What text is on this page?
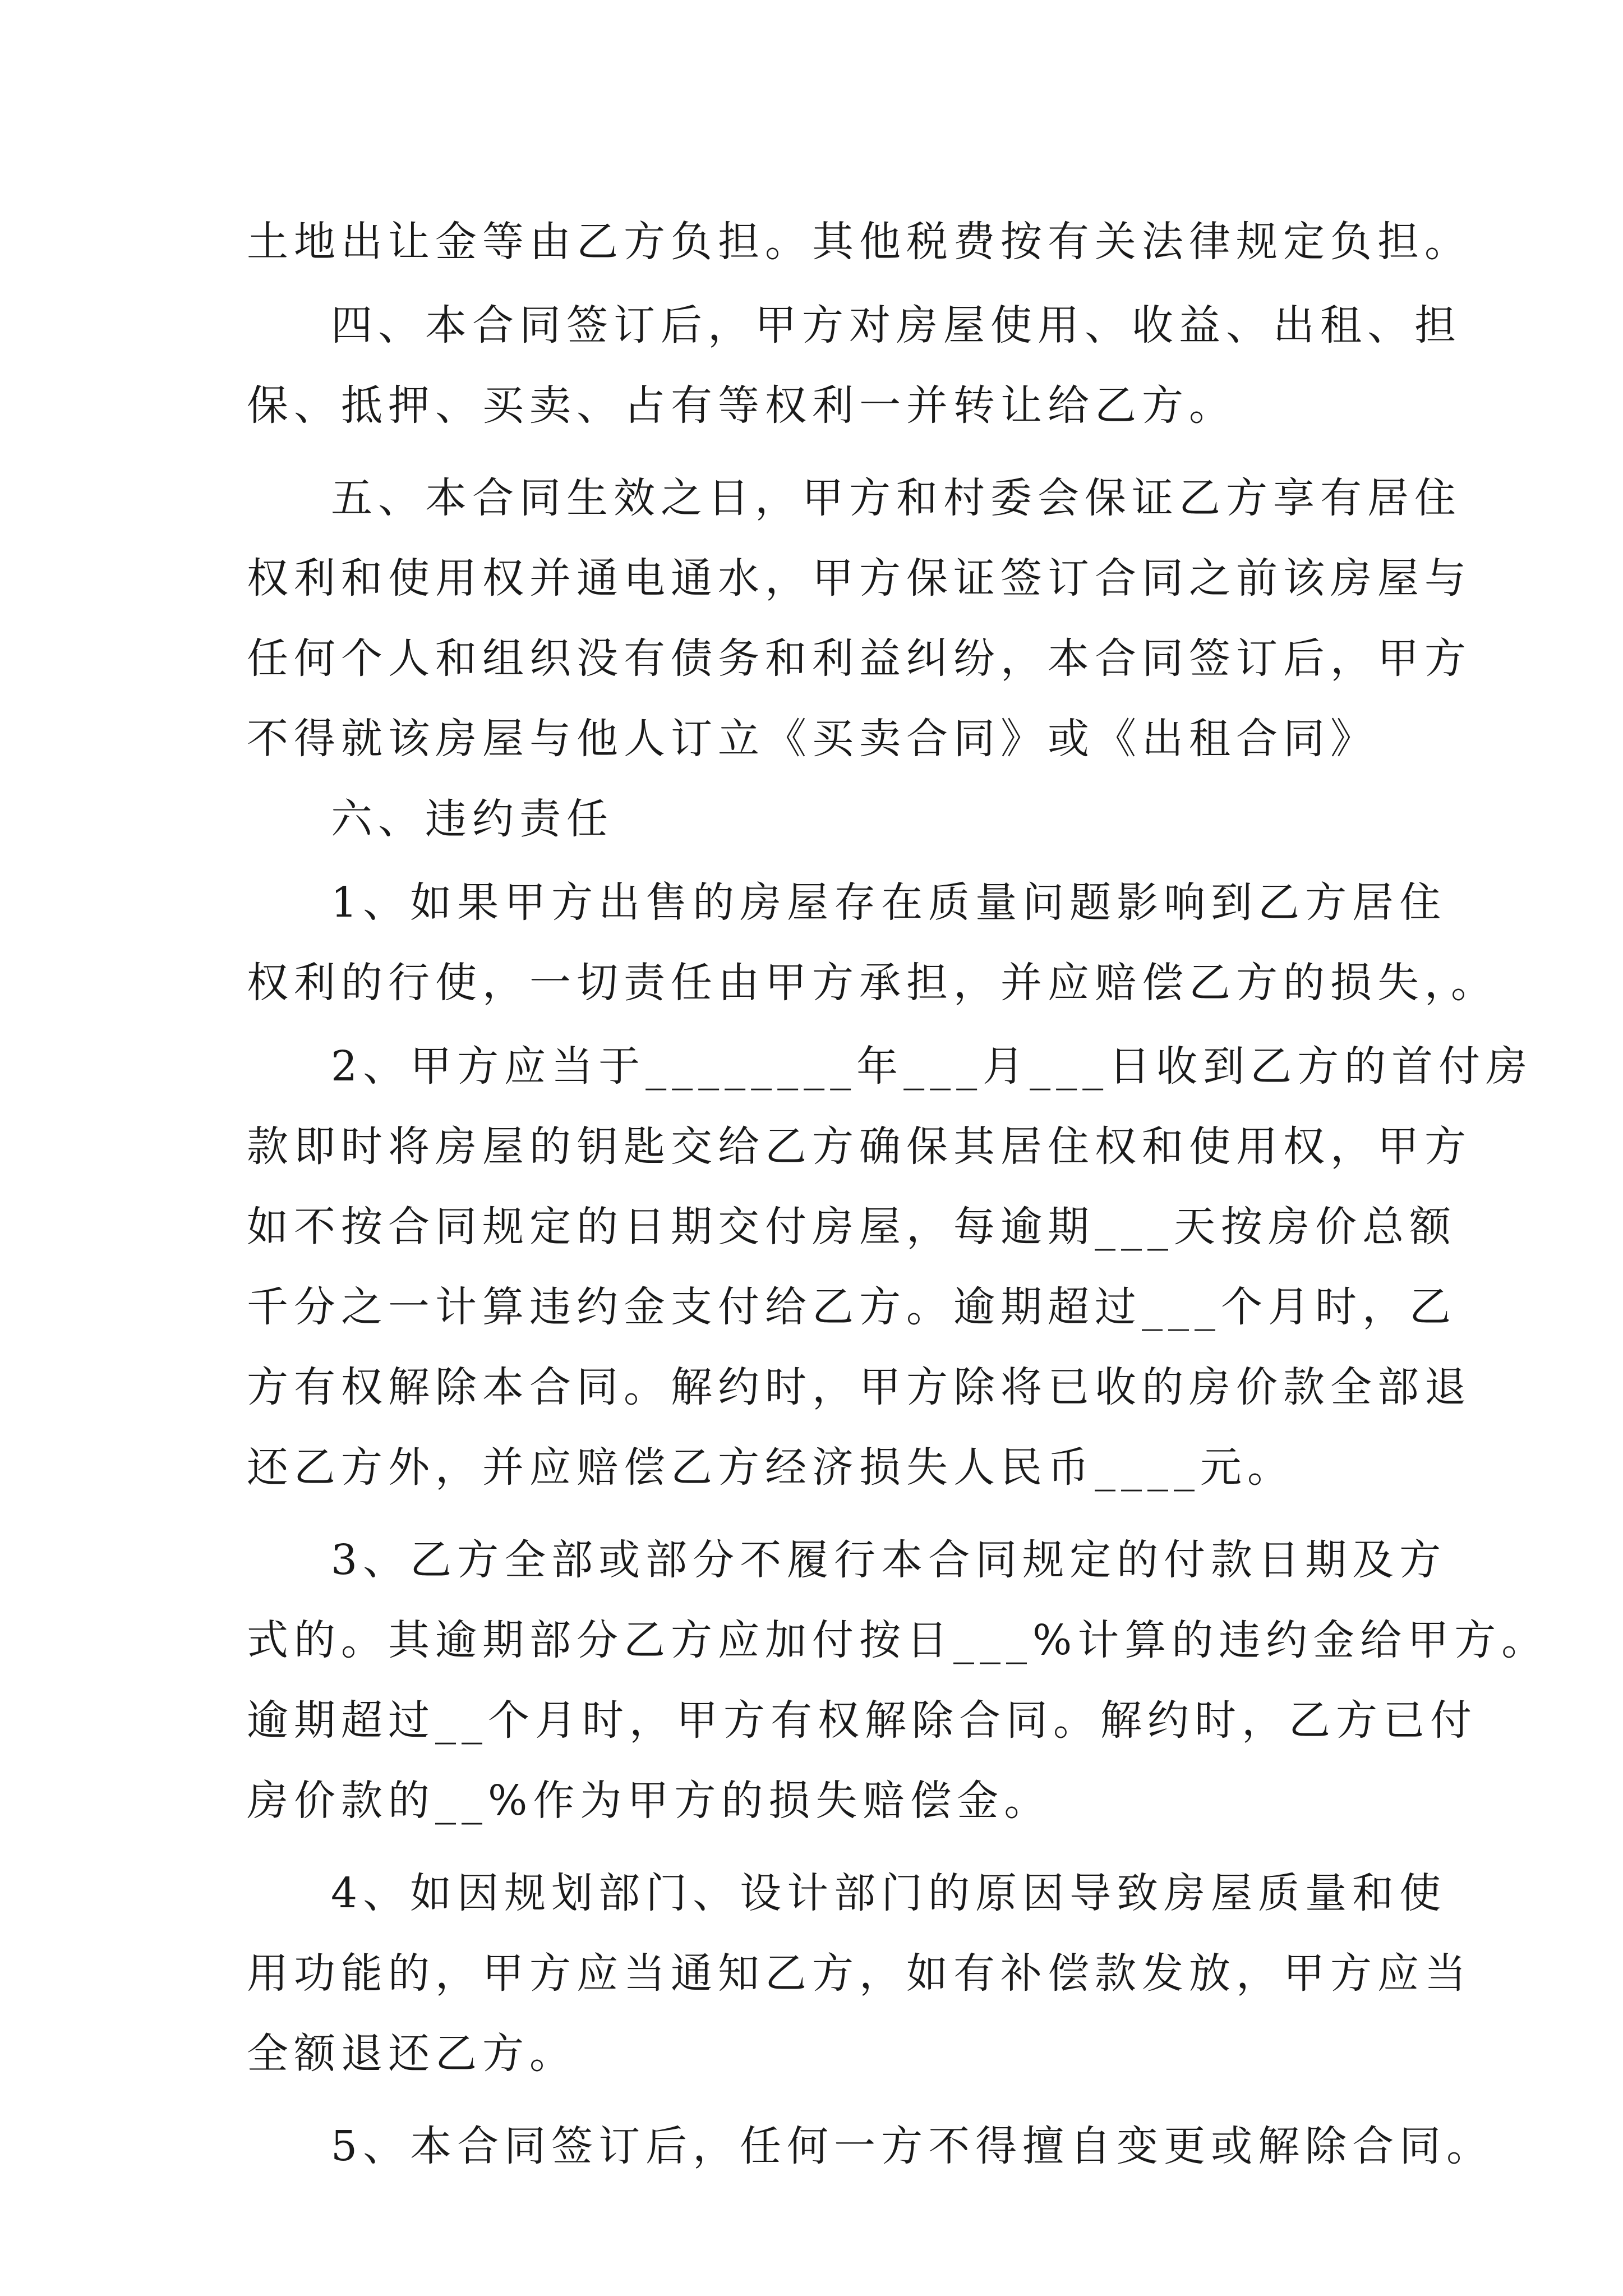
土地出让金等由乙方负担。其他税费按有关法律规定负担。
四、本合同签订后，甲方对房屋使用、收益、出租、担
保、抵押、买卖、占有等权利一并转让给乙方。
五、本合同生效之日，甲方和村委会保证乙方享有居住
权利和使用权并通电通水，甲方保证签订合同之前该房屋与
任何个人和组织没有债务和利益纠纷，本合同签订后，甲方
不得就该房屋与他人订立《买卖合同》或《出租合同》
六、违约责任
1、如果甲方出售的房屋存在质量问题影响到乙方居住
权利的行使，一切责任由甲方承担，并应赔偿乙方的损失，。
2、甲方应当于________年___月___日收到乙方的首付房
款即时将房屋的钥匙交给乙方确保其居住权和使用权，甲方
如不按合同规定的日期交付房屋，每逾期___天按房价总额
千分之一计算违约金支付给乙方。逾期超过___个月时，乙
方有权解除本合同。解约时，甲方除将已收的房价款全部退
还乙方外，并应赔偿乙方经济损失人民币____元。
3、乙方全部或部分不履行本合同规定的付款日期及方
式的。其逾期部分乙方应加付按日___%计算的违约金给甲方。
逾期超过__个月时，甲方有权解除合同。解约时，乙方已付
房价款的__%作为甲方的损失赔偿金。
4、如因规划部门、设计部门的原因导致房屋质量和使
用功能的，甲方应当通知乙方，如有补偿款发放，甲方应当
全额退还乙方。
5、本合同签订后，任何一方不得擅自变更或解除合同。
